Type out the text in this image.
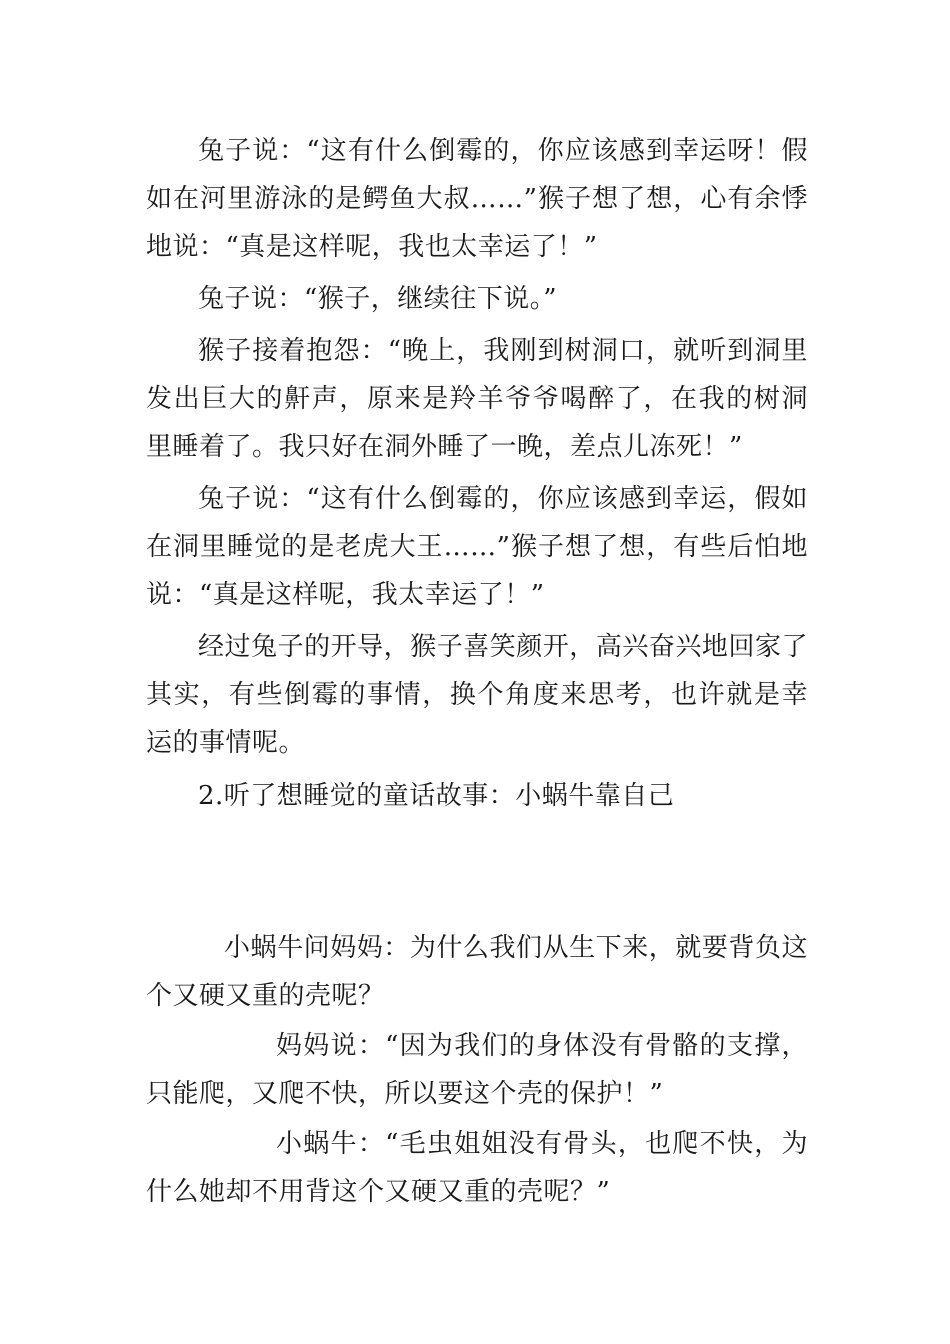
兔子说：“这有什么倒霉的，你应该感到幸运呀！假如在河里游泳的是鳄鱼大叔……”猴子想了想，心有余悸地说：“真是这样呢，我也太幸运了！”

兔子说：“猴子，继续往下说。”

猴子接着抱怨：“晚上，我刚到树洞口，就听到洞里发出巨大的鼾声，原来是羚羊爷爷喝醉了，在我的树洞里睡着了。我只好在洞外睡了一晚，差点儿冻死！”

兔子说：“这有什么倒霉的，你应该感到幸运，假如在洞里睡觉的是老虎大王……”猴子想了想，有些后怕地说：“真是这样呢，我太幸运了！”

经过兔子的开导，猴子喜笑颜开，高兴奋兴地回家了其实，有些倒霉的事情，换个角度来思考，也许就是幸运的事情呢。

2.听了想睡觉的童话故事：小蜗牛靠自己

小蜗牛问妈妈：为什么我们从生下来，就要背负这个又硬又重的壳呢？

妈妈说：“因为我们的身体没有骨骼的支撑，只能爬，又爬不快，所以要这个壳的保护！”

小蜗牛：“毛虫姐姐没有骨头，也爬不快，为什么她却不用背这个又硬又重的壳呢？”
